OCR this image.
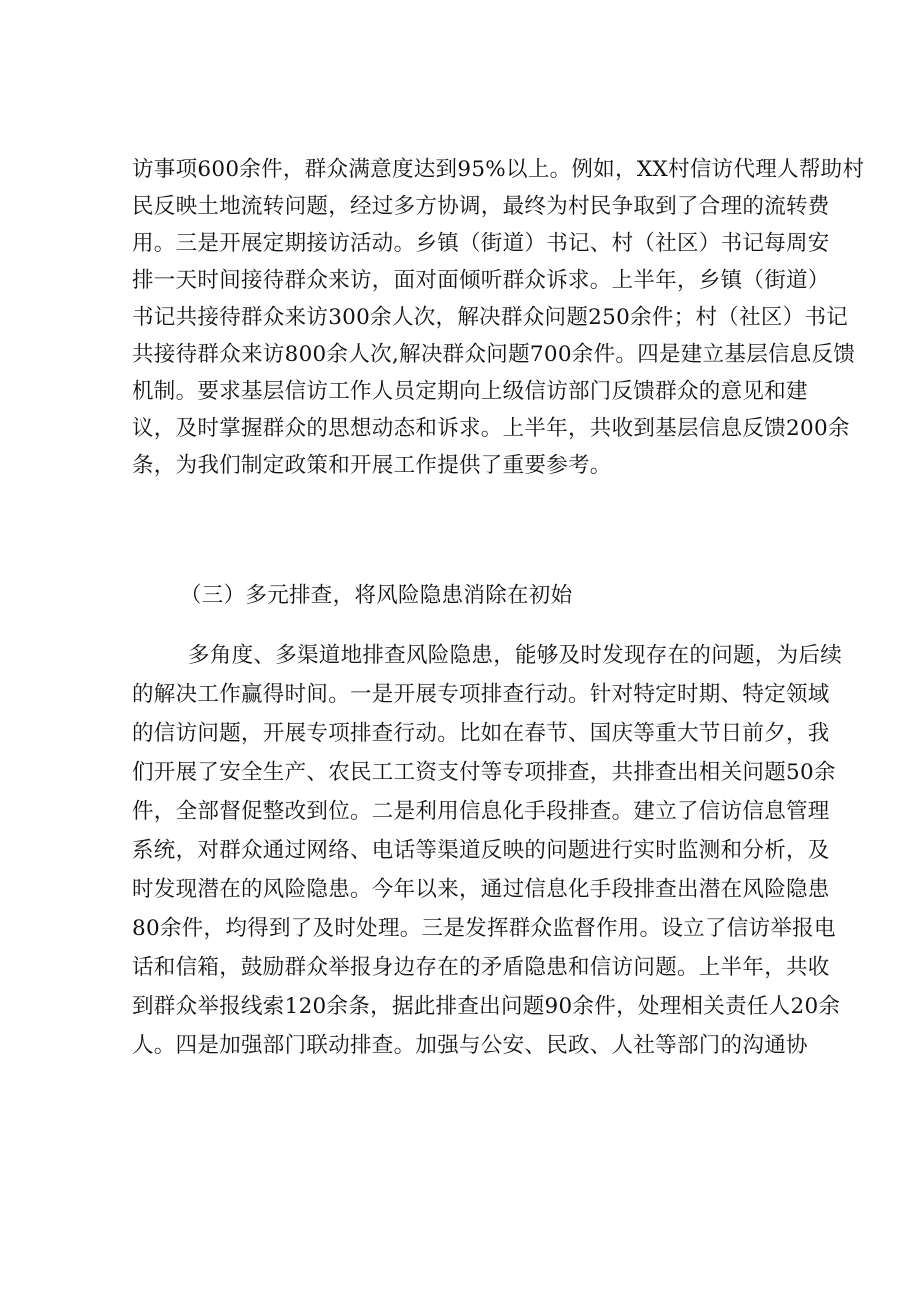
访事项600余件，群众满意度达到95%以上。例如，XX村信访代理人帮助村
民反映土地流转问题，经过多方协调，最终为村民争取到了合理的流转费
用。三是开展定期接访活动。乡镇（街道）书记、村（社区）书记每周安
排一天时间接待群众来访，面对面倾听群众诉求。上半年，乡镇（街道）
书记共接待群众来访300余人次，解决群众问题250余件；村（社区）书记
共接待群众来访800余人次,解决群众问题700余件。四是建立基层信息反馈
机制。要求基层信访工作人员定期向上级信访部门反馈群众的意见和建
议，及时掌握群众的思想动态和诉求。上半年，共收到基层信息反馈200余
条，为我们制定政策和开展工作提供了重要参考。
（三）多元排查，将风险隐患消除在初始
多角度、多渠道地排查风险隐患，能够及时发现存在的问题，为后续
的解决工作赢得时间。一是开展专项排查行动。针对特定时期、特定领域
的信访问题，开展专项排查行动。比如在春节、国庆等重大节日前夕，我
们开展了安全生产、农民工工资支付等专项排查，共排查出相关问题50余
件，全部督促整改到位。二是利用信息化手段排查。建立了信访信息管理
系统，对群众通过网络、电话等渠道反映的问题进行实时监测和分析，及
时发现潜在的风险隐患。今年以来，通过信息化手段排查出潜在风险隐患
80余件，均得到了及时处理。三是发挥群众监督作用。设立了信访举报电
话和信箱，鼓励群众举报身边存在的矛盾隐患和信访问题。上半年，共收
到群众举报线索120余条，据此排查出问题90余件，处理相关责任人20余
人。四是加强部门联动排查。加强与公安、民政、人社等部门的沟通协
